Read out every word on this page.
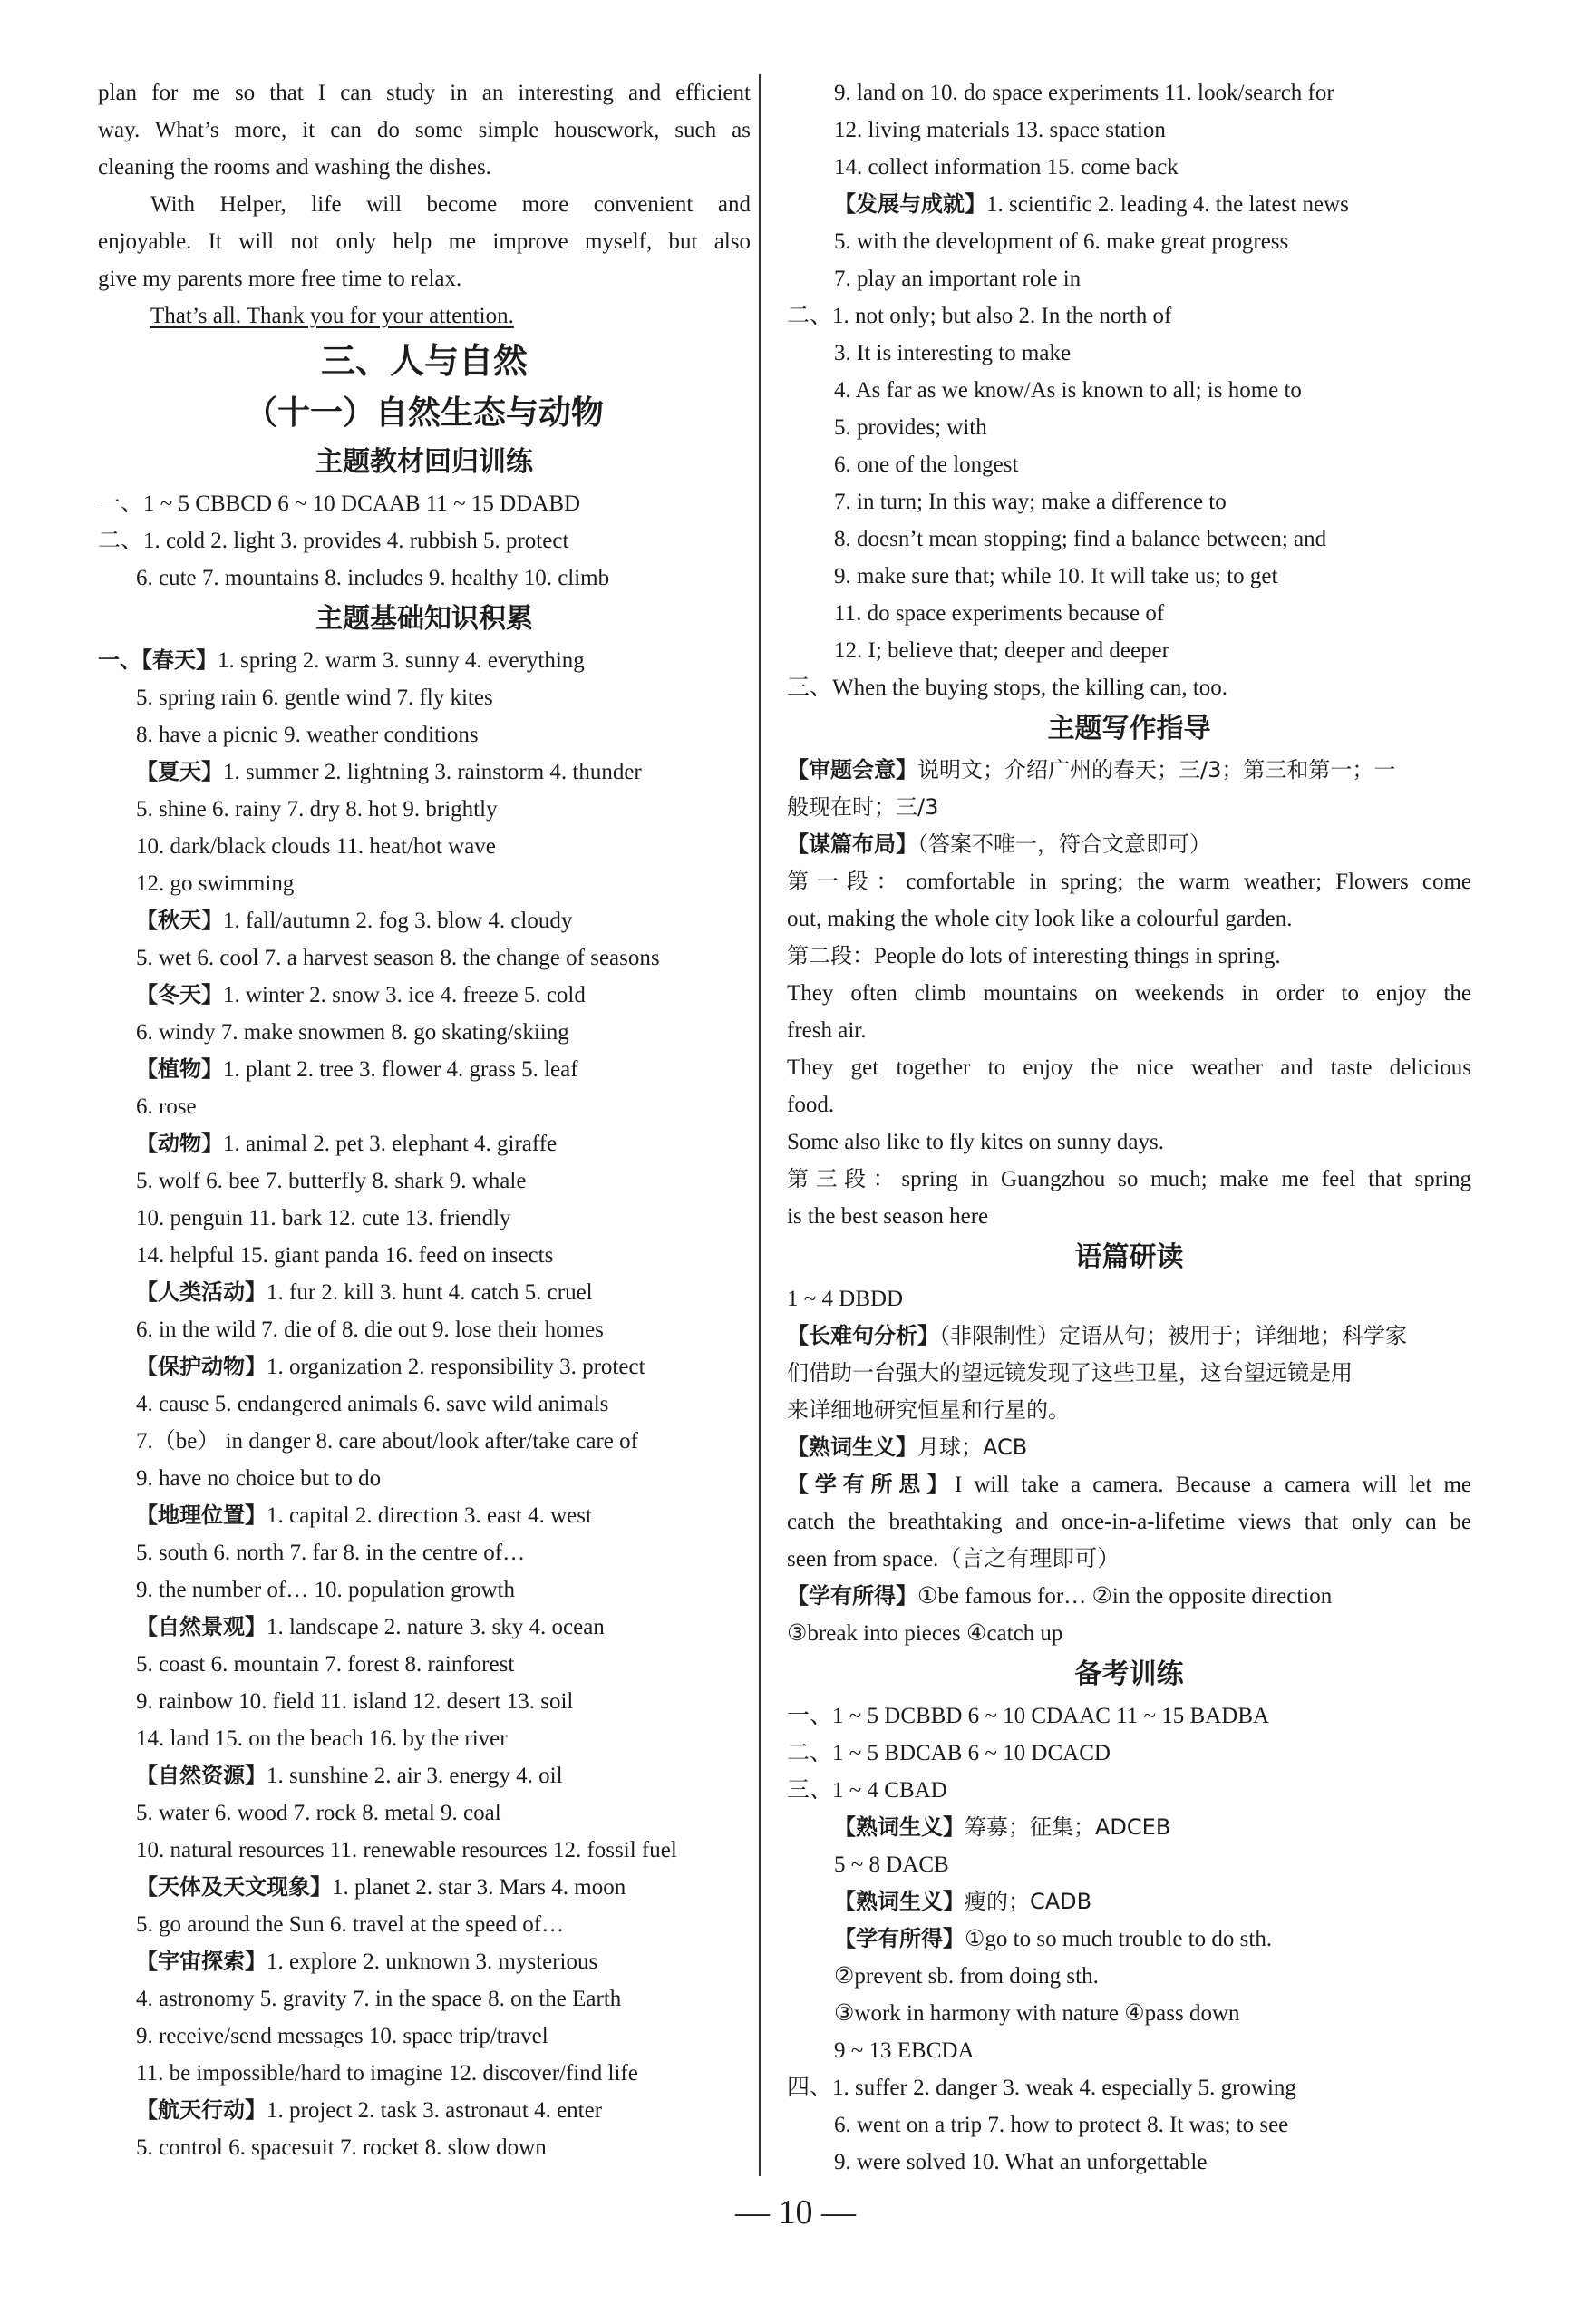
plan for me so that I can study in an interesting and efficient
way. What’s more, it can do some simple housework, such as
cleaning the rooms and washing the dishes.
With Helper, life will become more convenient and
enjoyable. It will not only help me improve myself, but also
give my parents more free time to relax.
That’s all. Thank you for your attention.
三、人与自然
（十一）自然生态与动物
主题教材回归训练
一、1 ~ 5 CBBCD 6 ~ 10 DCAAB 11 ~ 15 DDABD
二、1. cold 2. light 3. provides 4. rubbish 5. protect
6. cute 7. mountains 8. includes 9. healthy 10. climb
主题基础知识积累
一、【春天】1. spring 2. warm 3. sunny 4. everything
5. spring rain 6. gentle wind 7. fly kites
8. have a picnic 9. weather conditions
【夏天】1. summer 2. lightning 3. rainstorm 4. thunder
5. shine 6. rainy 7. dry 8. hot 9. brightly
10. dark/black clouds 11. heat/hot wave
12. go swimming
【秋天】1. fall/autumn 2. fog 3. blow 4. cloudy
5. wet 6. cool 7. a harvest season 8. the change of seasons
【冬天】1. winter 2. snow 3. ice 4. freeze 5. cold
6. windy 7. make snowmen 8. go skating/skiing
【植物】1. plant 2. tree 3. flower 4. grass 5. leaf
6. rose
【动物】1. animal 2. pet 3. elephant 4. giraffe
5. wolf 6. bee 7. butterfly 8. shark 9. whale
10. penguin 11. bark 12. cute 13. friendly
14. helpful 15. giant panda 16. feed on insects
【人类活动】1. fur 2. kill 3. hunt 4. catch 5. cruel
6. in the wild 7. die of 8. die out 9. lose their homes
【保护动物】1. organization 2. responsibility 3. protect
4. cause 5. endangered animals 6. save wild animals
7.（be） in danger 8. care about/look after/take care of
9. have no choice but to do
【地理位置】1. capital 2. direction 3. east 4. west
5. south 6. north 7. far 8. in the centre of…
9. the number of… 10. population growth
【自然景观】1. landscape 2. nature 3. sky 4. ocean
5. coast 6. mountain 7. forest 8. rainforest
9. rainbow 10. field 11. island 12. desert 13. soil
14. land 15. on the beach 16. by the river
【自然资源】1. sunshine 2. air 3. energy 4. oil
5. water 6. wood 7. rock 8. metal 9. coal
10. natural resources 11. renewable resources 12. fossil fuel
【天体及天文现象】1. planet 2. star 3. Mars 4. moon
5. go around the Sun 6. travel at the speed of…
【宇宙探索】1. explore 2. unknown 3. mysterious
4. astronomy 5. gravity 7. in the space 8. on the Earth
9. receive/send messages 10. space trip/travel
11. be impossible/hard to imagine 12. discover/find life
【航天行动】1. project 2. task 3. astronaut 4. enter
5. control 6. spacesuit 7. rocket 8. slow down
9. land on 10. do space experiments 11. look/search for
12. living materials 13. space station
14. collect information 15. come back
【发展与成就】1. scientific 2. leading 4. the latest news
5. with the development of 6. make great progress
7. play an important role in
二、1. not only; but also 2. In the north of
3. It is interesting to make
4. As far as we know/As is known to all; is home to
5. provides; with
6. one of the longest
7. in turn; In this way; make a difference to
8. doesn’t mean stopping; find a balance between; and
9. make sure that; while 10. It will take us; to get
11. do space experiments because of
12. I; believe that; deeper and deeper
三、When the buying stops, the killing can, too.
主题写作指导
【审题会意】说明文；介绍广州的春天；三/3；第三和第一；一
般现在时；三/3
【谋篇布局】（答案不唯一，符合文意即可）
第一段：comfortable in spring; the warm weather; Flowers come
out, making the whole city look like a colourful garden.
第二段：People do lots of interesting things in spring.
They often climb mountains on weekends in order to enjoy the
fresh air.
They get together to enjoy the nice weather and taste delicious
food.
Some also like to fly kites on sunny days.
第三段：spring in Guangzhou so much; make me feel that spring
is the best season here
语篇研读
1 ~ 4 DBDD
【长难句分析】（非限制性）定语从句；被用于；详细地；科学家
们借助一台强大的望远镜发现了这些卫星，这台望远镜是用
来详细地研究恒星和行星的。
【熟词生义】月球；ACB
【学有所思】I will take a camera. Because a camera will let me
catch the breathtaking and once-in-a-lifetime views that only can be
seen from space.（言之有理即可）
【学有所得】①be famous for… ②in the opposite direction
③break into pieces ④catch up
备考训练
一、1 ~ 5 DCBBD 6 ~ 10 CDAAC 11 ~ 15 BADBA
二、1 ~ 5 BDCAB 6 ~ 10 DCACD
三、1 ~ 4 CBAD
【熟词生义】筹募；征集；ADCEB
5 ~ 8 DACB
【熟词生义】瘦的；CADB
【学有所得】①go to so much trouble to do sth.
②prevent sb. from doing sth.
③work in harmony with nature ④pass down
9 ~ 13 EBCDA
四、1. suffer 2. danger 3. weak 4. especially 5. growing
6. went on a trip 7. how to protect 8. It was; to see
9. were solved 10. What an unforgettable
— 10 —
